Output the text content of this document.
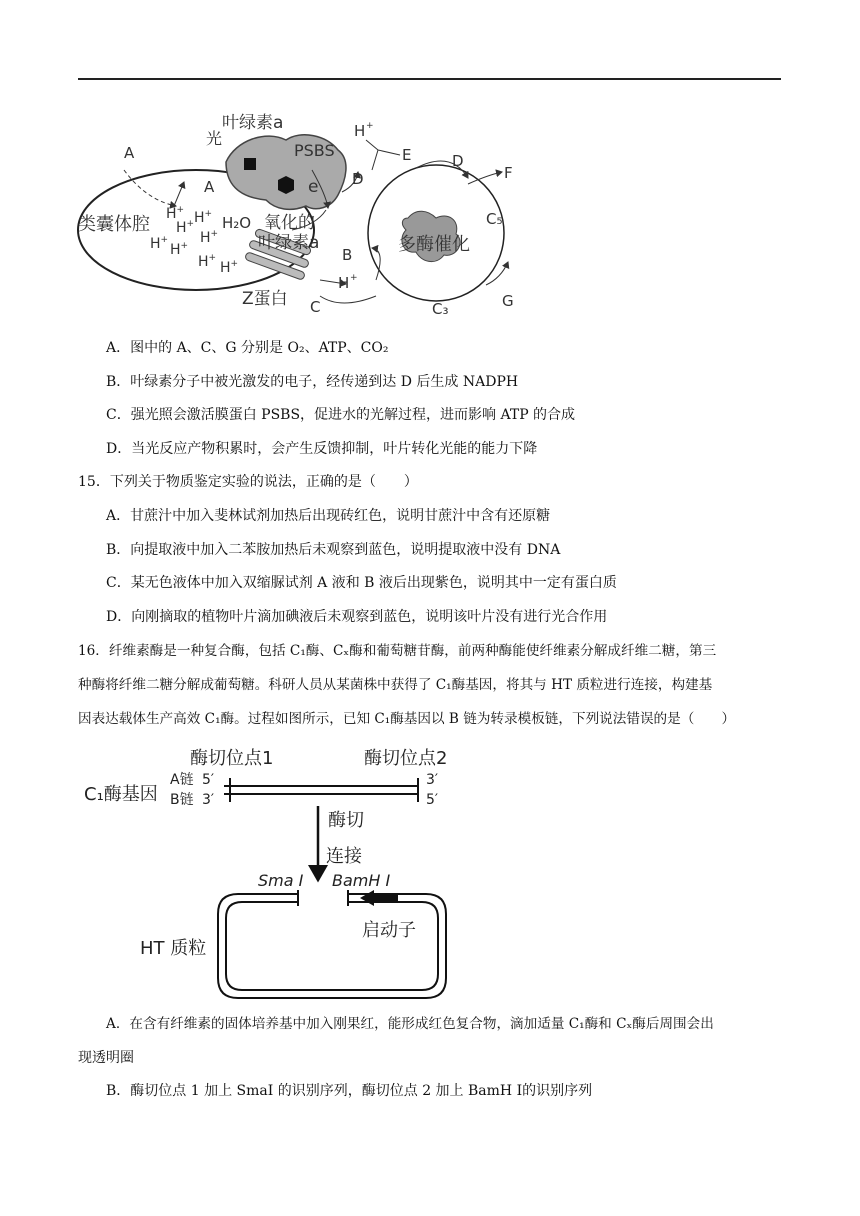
叶绿素a
光
PSBS
A
A
类囊体腔	H₂O 氧化的
叶绿素a
e D
H +
E	D
F
C₅
B	多酶催化
H +
Z蛋白 C	C₃	G
H+ H+
H+
H+
H+
H+
H+
H+
A．图中的 A、C、G 分别是 O₂、ATP、CO₂
B．叶绿素分子中被光激发的电子，经传递到达 D 后生成 NADPH
C．强光照会激活膜蛋白 PSBS，促进水的光解过程，进而影响 ATP 的合成
D．当光反应产物积累时，会产生反馈抑制，叶片转化光能的能力下降
15．下列关于物质鉴定实验的说法，正确的是（　　）
A．甘蔗汁中加入斐林试剂加热后出现砖红色，说明甘蔗汁中含有还原糖
B．向提取液中加入二苯胺加热后未观察到蓝色，说明提取液中没有 DNA
C．某无色液体中加入双缩脲试剂 A 液和 B 液后出现紫色，说明其中一定有蛋白质
D．向刚摘取的植物叶片滴加碘液后未观察到蓝色，说明该叶片没有进行光合作用
16．纤维素酶是一种复合酶，包括 C₁酶、Cₓ酶和葡萄糖苷酶，前两种酶能使纤维素分解成纤维二糖，第三
种酶将纤维二糖分解成葡萄糖。科研人员从某菌株中获得了 C₁酶基因，将其与 HT 质粒进行连接，构建基
因表达载体生产高效 C₁酶。过程如图所示，已知 C₁酶基因以 B 链为转录模板链，下列说法错误的是（　　）
酶切位点1	酶切位点2
C₁酶基因
A链
B链
5′
3′
3′
5′
酶切
连接
Sma Ⅰ BamH Ⅰ
启动子
HT 质粒
A．在含有纤维素的固体培养基中加入刚果红，能形成红色复合物，滴加适量 C₁酶和 Cₓ酶后周围会出
现透明圈
B．酶切位点 1 加上 SmaI 的识别序列，酶切位点 2 加上 BamH Ⅰ的识别序列
